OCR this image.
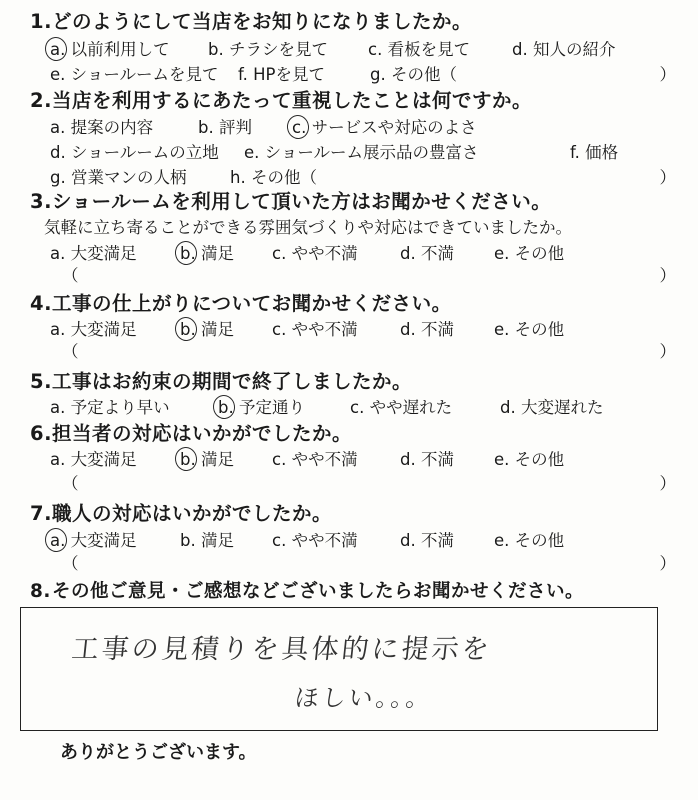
1.どのようにして当店をお知りになりましたか。
a. 以前利用して b. チラシを見て c. 看板を見て	d. 知人の紹介
e. ショールームを見て f. HPを見て	g. その他（	）
2.当店を利用するにあたって重視したことは何ですか。
a. 提案の内容	b. 評判 c. サービスや対応のよさ
d. ショールームの立地 e. ショールーム展示品の豊富さ	f. 価格
g. 営業マンの人柄	h. その他（	）
3.ショールームを利用して頂いた方はお聞かせください。
気軽に立ち寄ることができる雰囲気づくりや対応はできていましたか。
a. 大変満足	b. 満足 c. やや不満	d. 不満 e. その他
（	）
4.工事の仕上がりについてお聞かせください。
a. 大変満足	b. 満足 c. やや不満	d. 不満 e. その他
（	）
5.工事はお約束の期間で終了しましたか。
a. 予定より早い	b. 予定通り	c. やや遅れた	d. 大変遅れた
6.担当者の対応はいかがでしたか。
a. 大変満足	b. 満足 c. やや不満	d. 不満 e. その他
（	）
7.職人の対応はいかがでしたか。
a. 大変満足	b. 満足 c. やや不満	d. 不満 e. その他
（	）
8.その他ご意見・ご感想などございましたらお聞かせください。
工事の見積りを具体的に提示を
ほしい。。。
ありがとうございます。
